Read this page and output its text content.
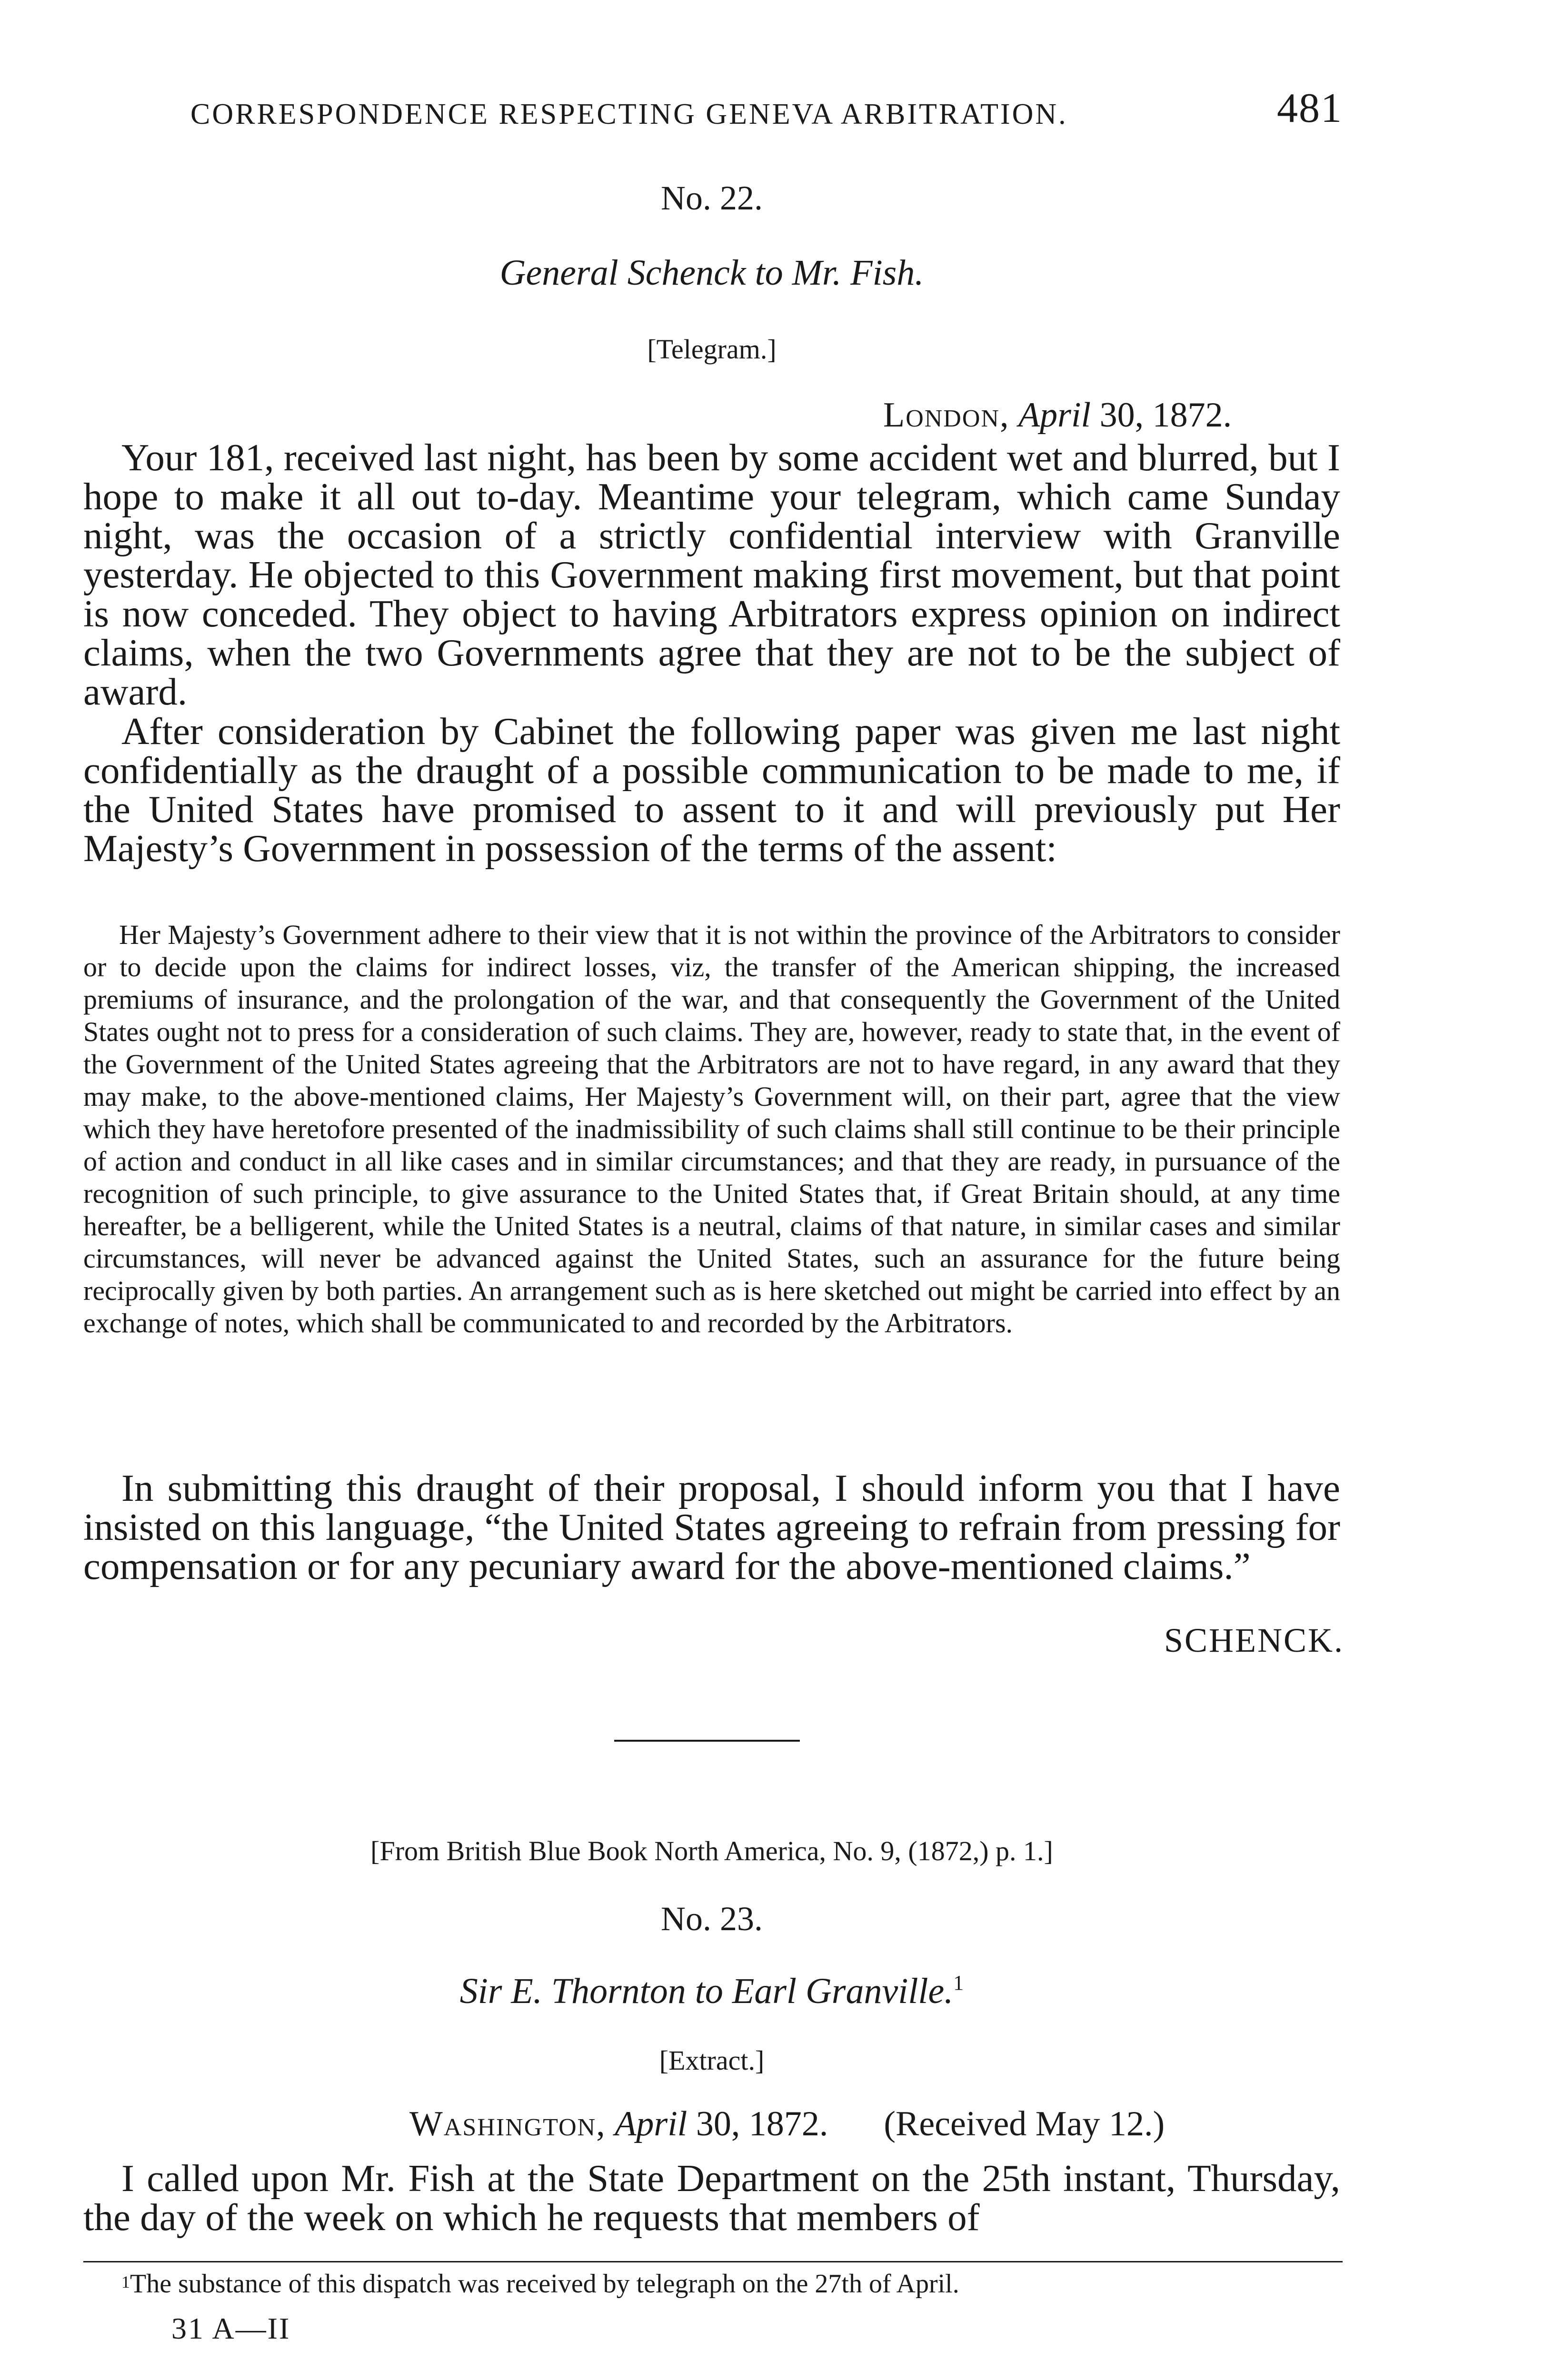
CORRESPONDENCE RESPECTING GENEVA ARBITRATION.	481
No. 22.
General Schenck to Mr. Fish.
[Telegram.]
London, April 30, 1872.

Your 181, received last night, has been by some accident wet and blurred, but I hope to make it all out to-day. Meantime your telegram, which came Sunday night, was the occasion of a strictly confidential interview with Granville yesterday. He objected to this Government making first movement, but that point is now conceded. They object to having Arbitrators express opinion on indirect claims, when the two Governments agree that they are not to be the subject of award.

After consideration by Cabinet the following paper was given me last night confidentially as the draught of a possible communication to be made to me, if the United States have promised to assent to it and will previously put Her Majesty’s Government in possession of the terms of the assent:

Her Majesty’s Government adhere to their view that it is not within the province of the Arbitrators to consider or to decide upon the claims for indirect losses, viz, the transfer of the American shipping, the increased premiums of insurance, and the prolongation of the war, and that consequently the Government of the United States ought not to press for a consideration of such claims. They are, however, ready to state that, in the event of the Government of the United States agreeing that the Arbitrators are not to have regard, in any award that they may make, to the above-mentioned claims, Her Majesty’s Government will, on their part, agree that the view which they have heretofore presented of the inadmissibility of such claims shall still continue to be their principle of action and conduct in all like cases and in similar circumstances; and that they are ready, in pursuance of the recognition of such principle, to give assurance to the United States that, if Great Britain should, at any time hereafter, be a belligerent, while the United States is a neutral, claims of that nature, in similar cases and similar circumstances, will never be advanced against the United States, such an assurance for the future being reciprocally given by both parties. An arrangement such as is here sketched out might be carried into effect by an exchange of notes, which shall be communicated to and recorded by the Arbitrators.

In submitting this draught of their proposal, I should inform you that I have insisted on this language, “the United States agreeing to refrain from pressing for compensation or for any pecuniary award for the above-mentioned claims.”

SCHENCK.
[From British Blue Book North America, No. 9, (1872,) p. 1.]
No. 23.
Sir E. Thornton to Earl Granville.$^1$
[Extract.]
Washington, April 30, 1872. (Received May 12.)

I called upon Mr. Fish at the State Department on the 25th instant, Thursday, the day of the week on which he requests that members of

$^1$The substance of this dispatch was received by telegraph on the 27th of April.
31 A—II
